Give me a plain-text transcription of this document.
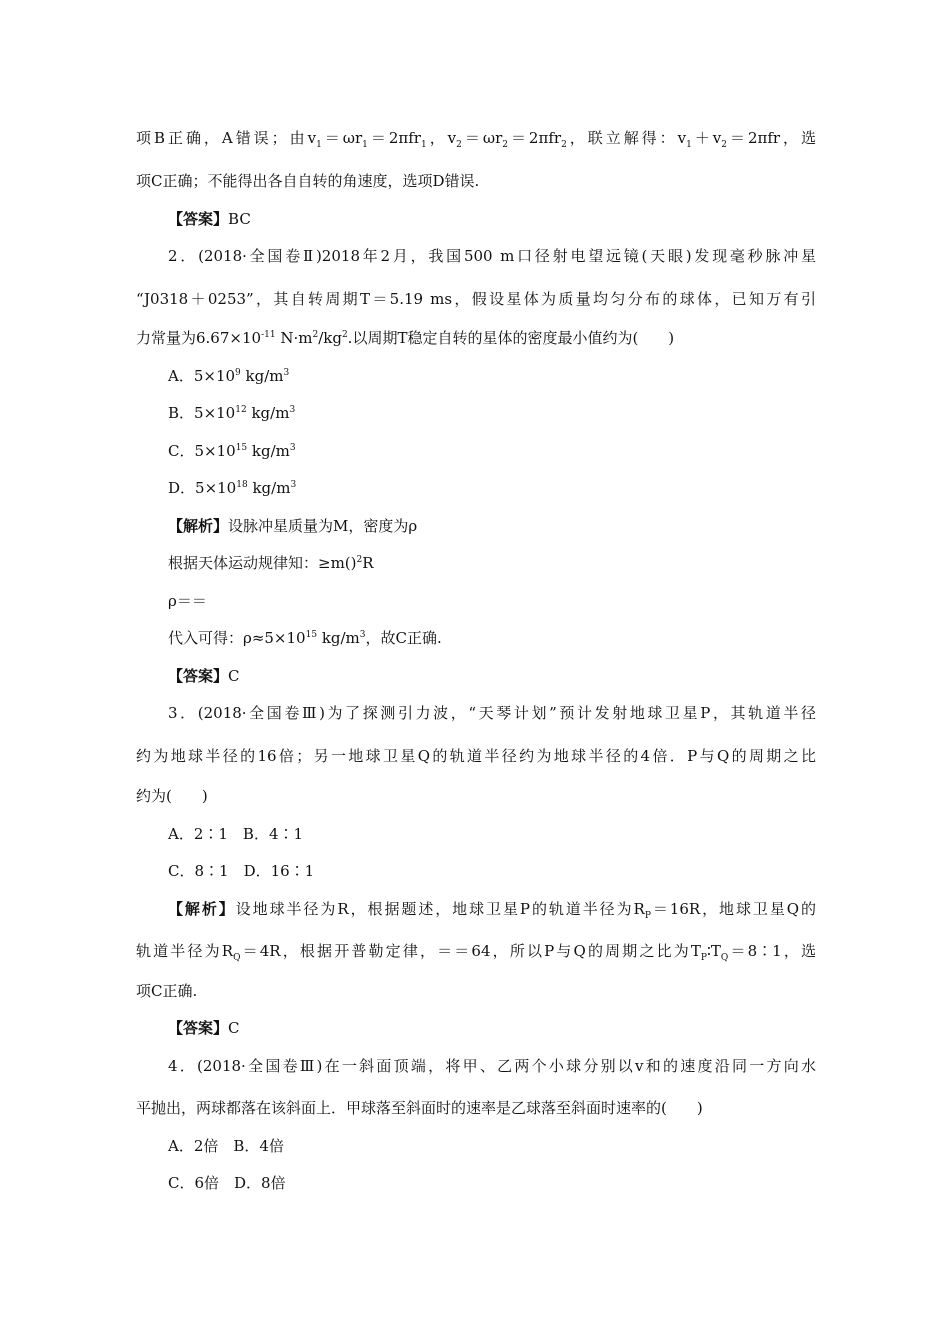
项B正确，A错误；由$v_1=\omega r_1=2\pi fr_1$，$v_2=\omega r_2=2\pi fr_2$，联立解得：$v_1+v_2=2\pi fr$，选
项C正确；不能得出各自自转的角速度，选项D错误.
【答案】BC
2．(2018·全国卷Ⅱ)2018年2月，我国500 m口径射电望远镜(天眼)发现毫秒脉冲星
“J0318＋0253”，其自转周期T＝5.19 ms，假设星体为质量均匀分布的球体，已知万有引
力常量为$6.67\times 10^{-11}$ $N\cdot m^2/kg^2$.以周期T稳定自转的星体的密度最小值约为(　　)
A．$5\times 10^9$ $kg/m^3$
B．$5\times 10^{12}$ $kg/m^3$
C．$5\times 10^{15}$ $kg/m^3$
D．$5\times 10^{18}$ $kg/m^3$
【解析】设脉冲星质量为M，密度为ρ
根据天体运动规律知：≥m()$^2$R
ρ＝＝
代入可得：$\rho\approx 5\times 10^{15}$ $kg/m^3$，故C正确.
【答案】C
3．(2018·全国卷Ⅲ)为了探测引力波，“天琴计划”预计发射地球卫星P，其轨道半径
约为地球半径的16倍；另一地球卫星Q的轨道半径约为地球半径的4倍．P与Q的周期之比
约为(　　)
A．2∶1　B．4∶1
C．8∶1　D．16∶1
【解析】设地球半径为R，根据题述，地球卫星P的轨道半径为$R_P=16R$，地球卫星Q的
轨道半径为$R_Q=4R$，根据开普勒定律，＝＝64，所以P与Q的周期之比为$T_P∶T_Q=8∶1$，选
项C正确.
【答案】C
4．(2018·全国卷Ⅲ)在一斜面顶端，将甲、乙两个小球分别以v和的速度沿同一方向水
平抛出，两球都落在该斜面上．甲球落至斜面时的速率是乙球落至斜面时速率的(　　)
A．2倍　B．4倍
C．6倍　D．8倍
